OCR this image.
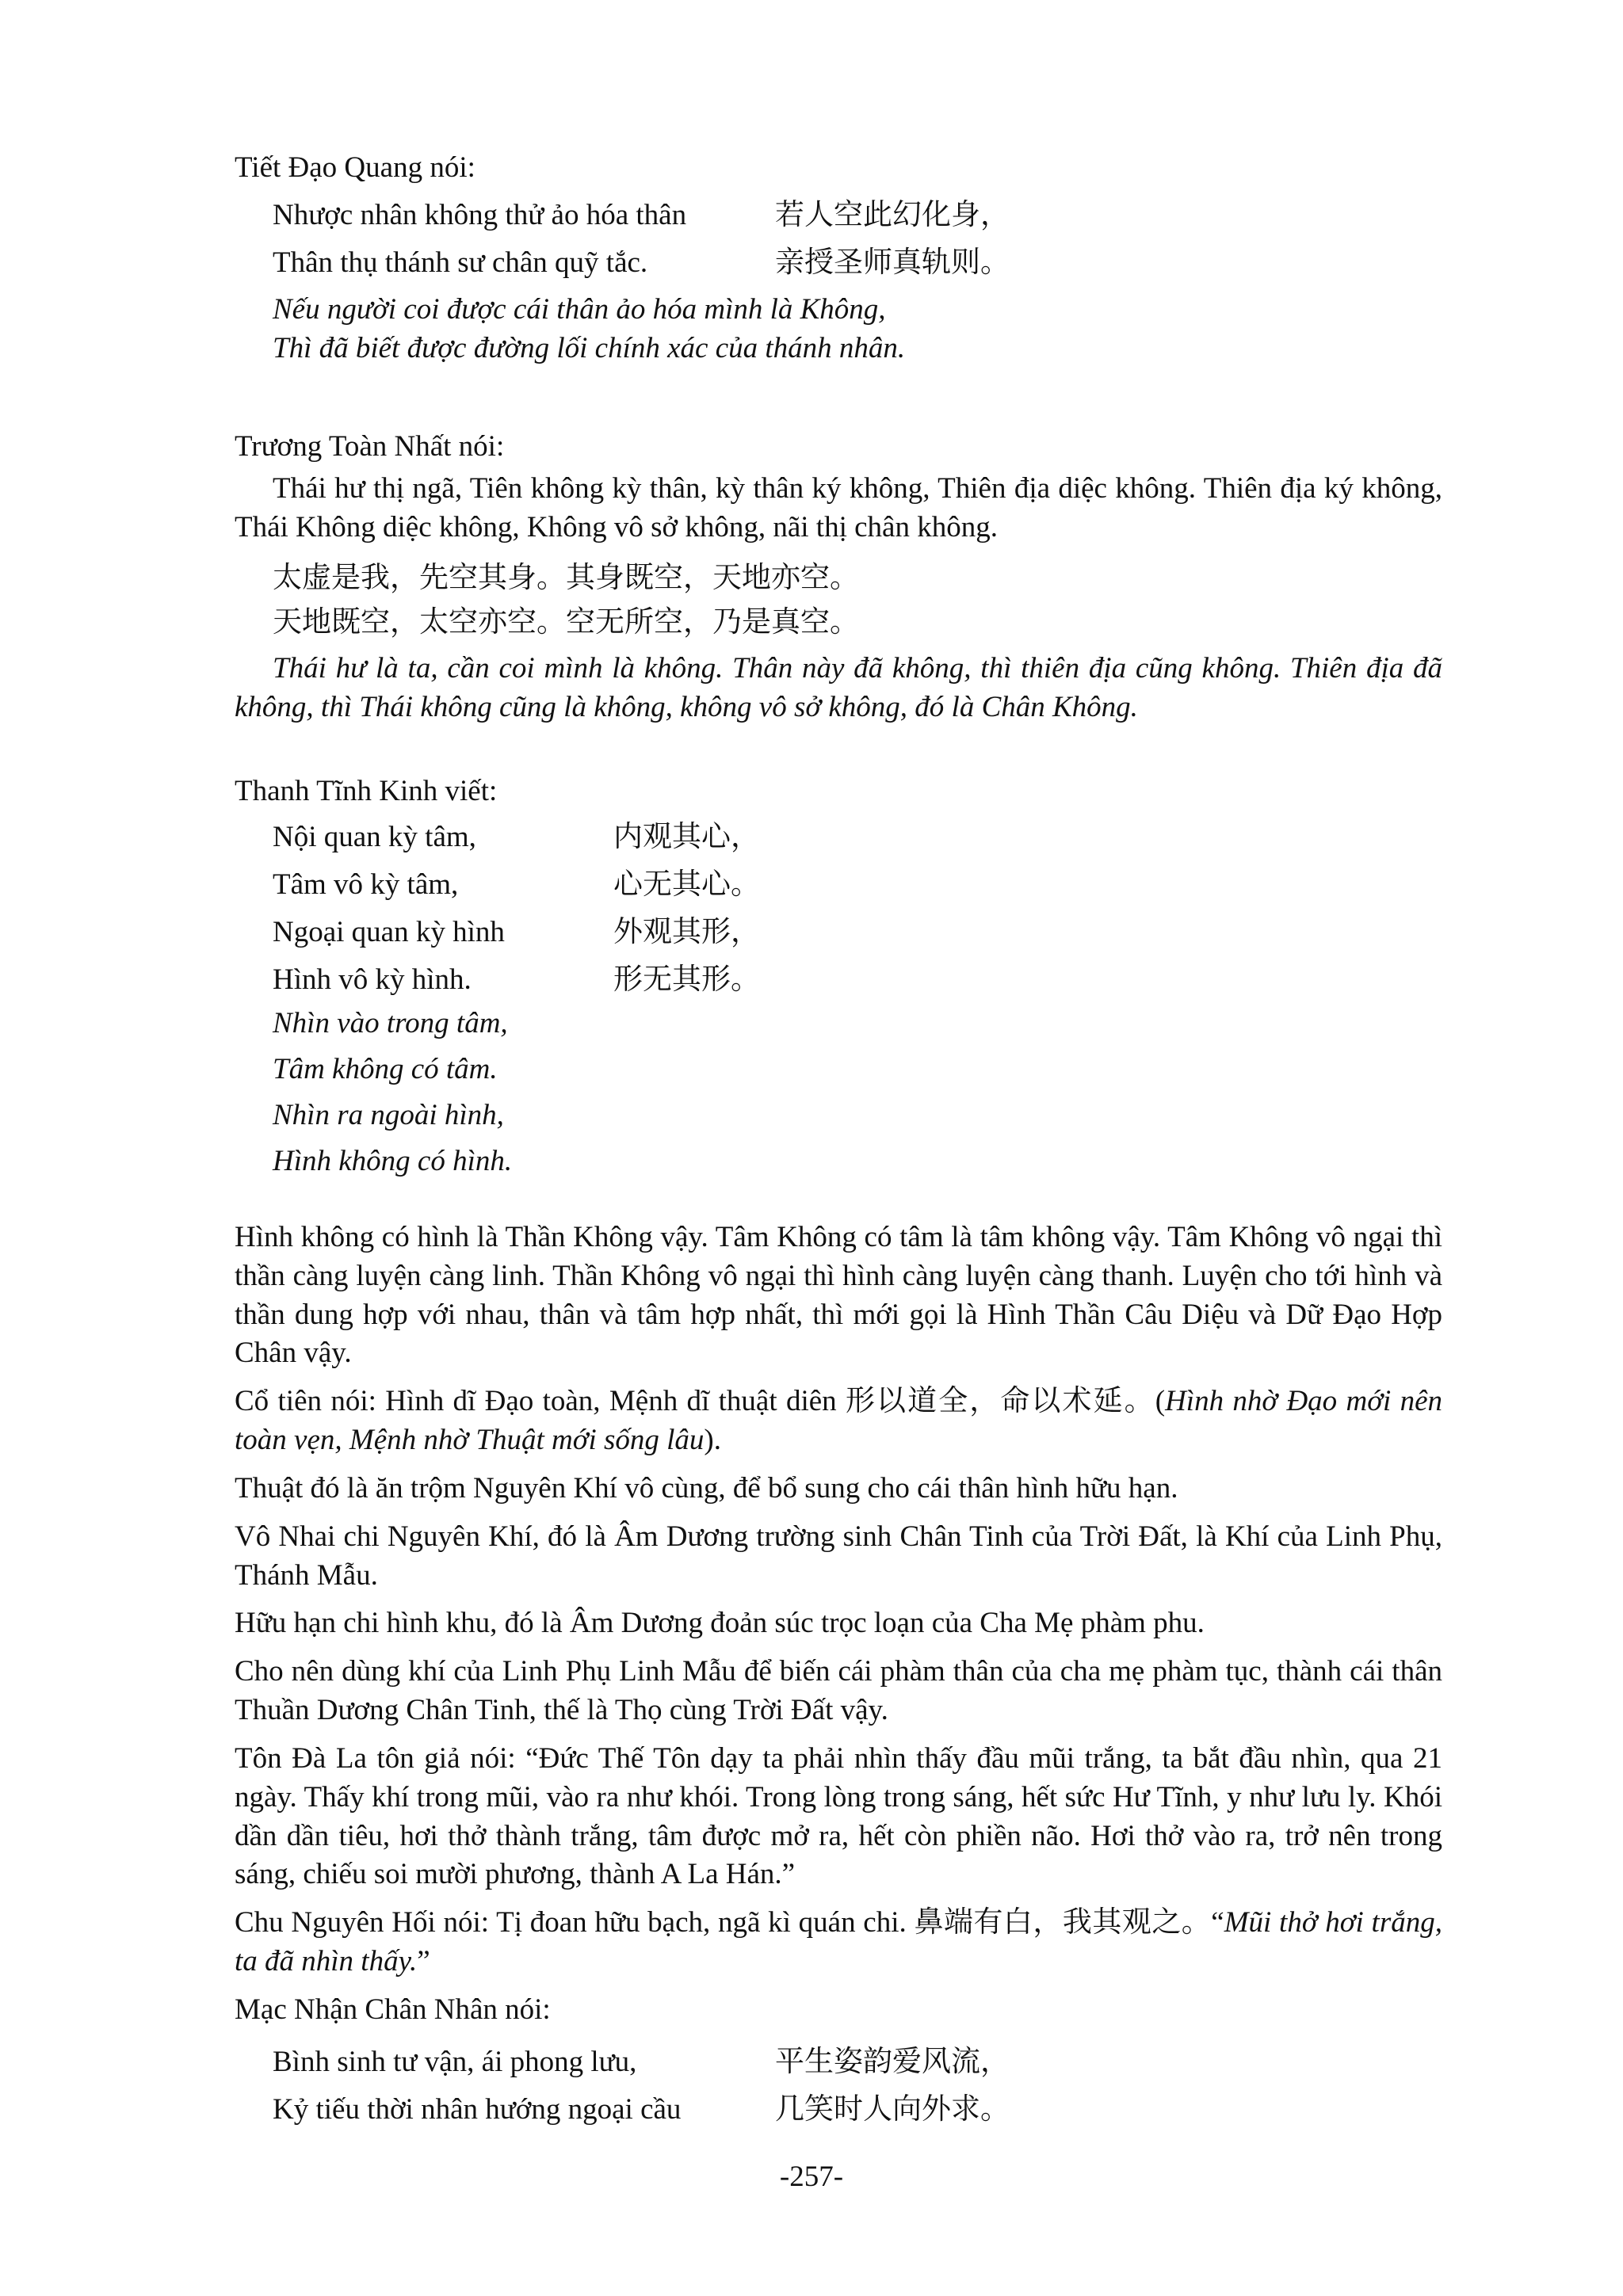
Tiết Đạo Quang nói:
Nhược nhân không thử ảo hóa thân	若人空此幻化身，
Thân thụ thánh sư chân quỹ tắc.	亲授圣师真轨则。
Nếu người coi được cái thân ảo hóa mình là Không,
Thì đã biết được đường lối chính xác của thánh nhân.
Trương Toàn Nhất nói:
Thái hư thị ngã, Tiên không kỳ thân, kỳ thân ký không, Thiên địa diệc không. Thiên địa ký không, Thái Không diệc không, Không vô sở không, nãi thị chân không.
太虚是我，先空其身。其身既空，天地亦空。
天地既空，太空亦空。空无所空，乃是真空。
Thái hư là ta, cần coi mình là không. Thân này đã không, thì thiên địa cũng không. Thiên địa đã không, thì Thái không cũng là không, không vô sở không, đó là Chân Không.
Thanh Tĩnh Kinh viết:
Nội quan kỳ tâm,	内观其心，
Tâm vô kỳ tâm,	心无其心。
Ngoại quan kỳ hình	外观其形，
Hình vô kỳ hình.	形无其形。
Nhìn vào trong tâm,
Tâm không có tâm.
Nhìn ra ngoài hình,
Hình không có hình.
Hình không có hình là Thần Không vậy. Tâm Không có tâm là tâm không vậy. Tâm Không vô ngại thì thần càng luyện càng linh. Thần Không vô ngại thì hình càng luyện càng thanh. Luyện cho tới hình và thần dung hợp với nhau, thân và tâm hợp nhất, thì mới gọi là Hình Thần Câu Diệu và Dữ Đạo Hợp Chân vậy.
Cổ tiên nói: Hình dĩ Đạo toàn, Mệnh dĩ thuật diên 形以道全，命以术延。(Hình nhờ Đạo mới nên toàn vẹn, Mệnh nhờ Thuật mới sống lâu).
Thuật đó là ăn trộm Nguyên Khí vô cùng, để bổ sung cho cái thân hình hữu hạn.
Vô Nhai chi Nguyên Khí, đó là Âm Dương trường sinh Chân Tinh của Trời Đất, là Khí của Linh Phụ, Thánh Mẫu.
Hữu hạn chi hình khu, đó là Âm Dương đoản súc trọc loạn của Cha Mẹ phàm phu.
Cho nên dùng khí của Linh Phụ Linh Mẫu để biến cái phàm thân của cha mẹ phàm tục, thành cái thân Thuần Dương Chân Tinh, thế là Thọ cùng Trời Đất vậy.
Tôn Đà La tôn giả nói: “Đức Thế Tôn dạy ta phải nhìn thấy đầu mũi trắng, ta bắt đầu nhìn, qua 21 ngày. Thấy khí trong mũi, vào ra như khói. Trong lòng trong sáng, hết sức Hư Tĩnh, y như lưu ly. Khói dần dần tiêu, hơi thở thành trắng, tâm được mở ra, hết còn phiền não. Hơi thở vào ra, trở nên trong sáng, chiếu soi mười phương, thành A La Hán.”
Chu Nguyên Hối nói: Tị đoan hữu bạch, ngã kì quán chi. 鼻端有白，我其观之。“Mũi thở hơi trắng, ta đã nhìn thấy.”
Mạc Nhận Chân Nhân nói:
Bình sinh tư vận, ái phong lưu,	平生姿韵爱风流，
Kỷ tiếu thời nhân hướng ngoại cầu	几笑时人向外求。
-257-
